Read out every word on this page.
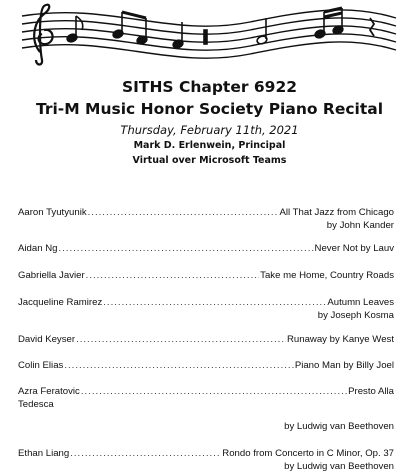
SITHS Chapter 6922
Tri-M Music Honor Society Piano Recital
Thursday, February 11th, 2021
Mark D. Erlenwein, Principal
Virtual over Microsoft Teams
Aaron Tyutyunik .....	All That Jazz from Chicago
by John Kander
Aidan Ng .....	Never Not by Lauv
Gabriella Javier .....	Take me Home, Country Roads
Jacqueline Ramirez .....	Autumn Leaves
by Joseph Kosma
David Keyser .....	Runaway by Kanye West
Colin Elias .....	Piano Man by Billy Joel
Azra Feratovic .....	Presto Alla
Tedesca
by Ludwig van Beethoven
Ethan Liang .....	Rondo from Concerto in C Minor, Op. 37
by Ludwig van Beethoven
